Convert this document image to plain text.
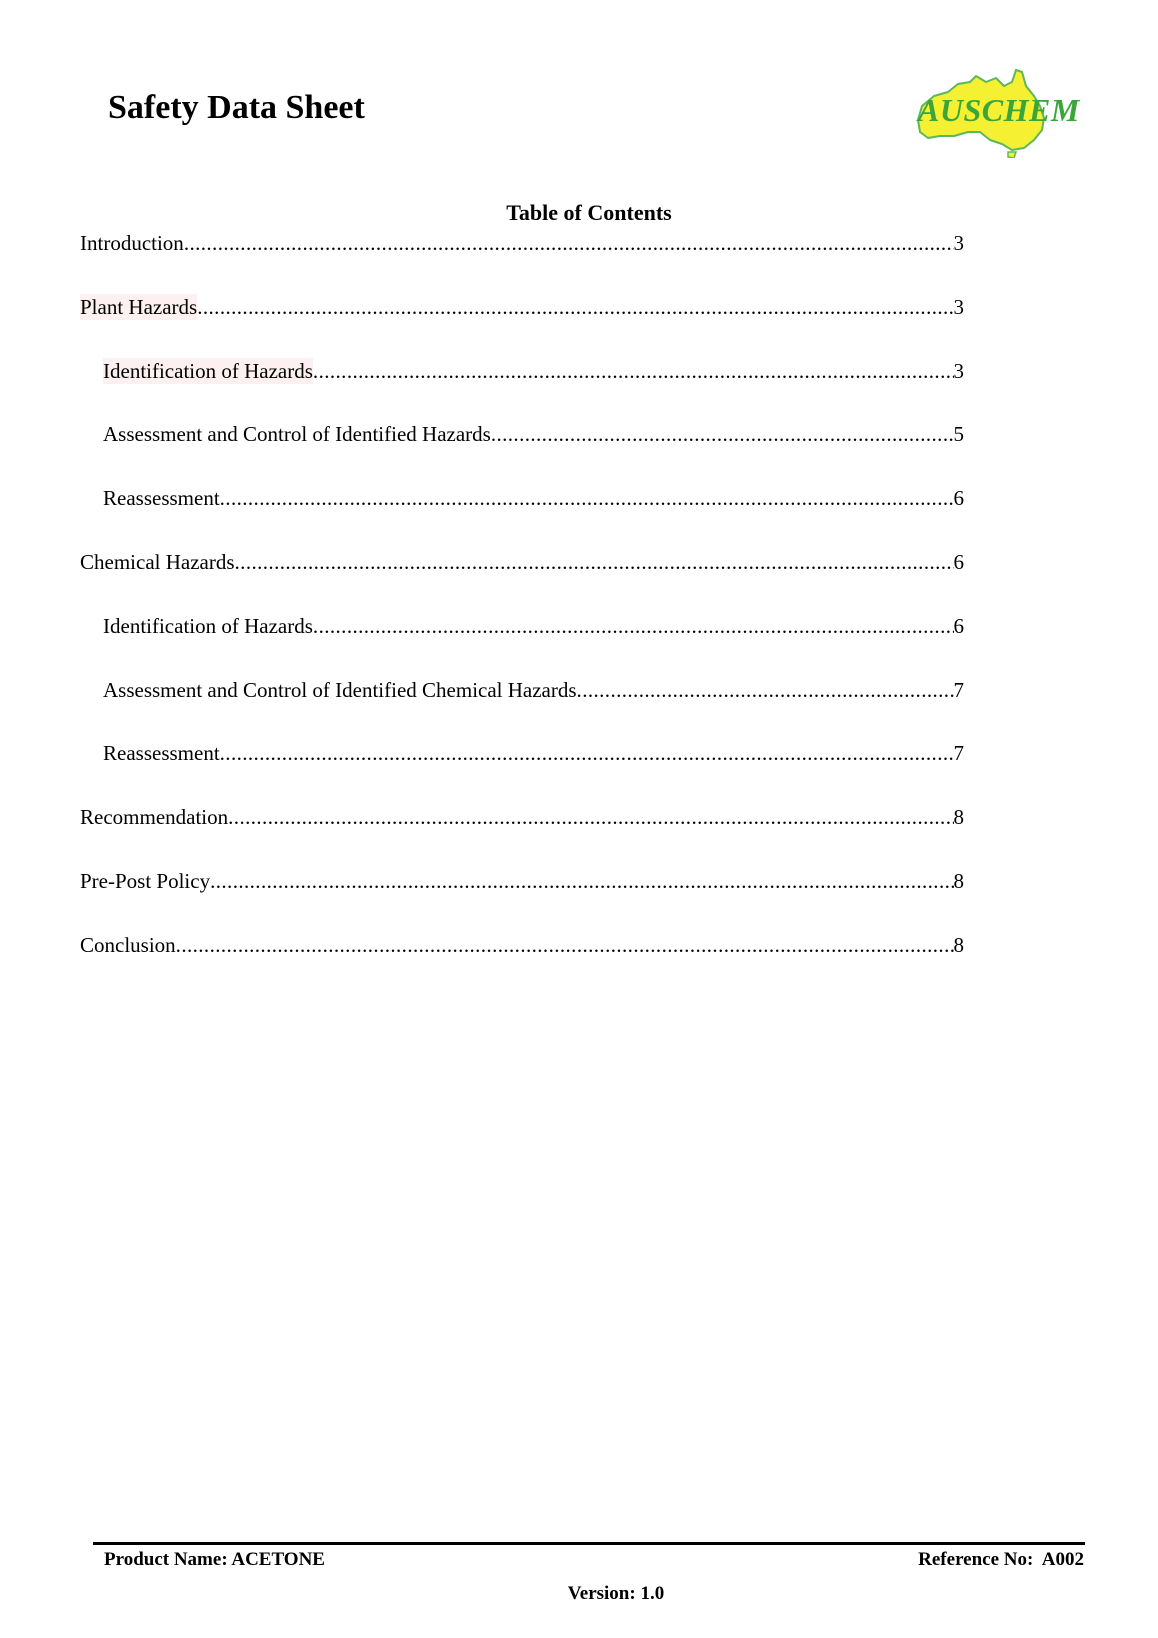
Safety Data Sheet	AUSCHEM
Table of Contents
Introduction .....	3
Plant Hazards .....	3
Identification of Hazards .....	3
Assessment and Control of Identified Hazards .....	5
Reassessment .....	6
Chemical Hazards .....	6
Identification of Hazards .....	6
Assessment and Control of Identified Chemical Hazards .....	7
Reassessment .....	7
Recommendation .....	8
Pre-Post Policy .....	8
Conclusion .....	8
Product Name: ACETONE	Reference No:  A002
Version: 1.0
